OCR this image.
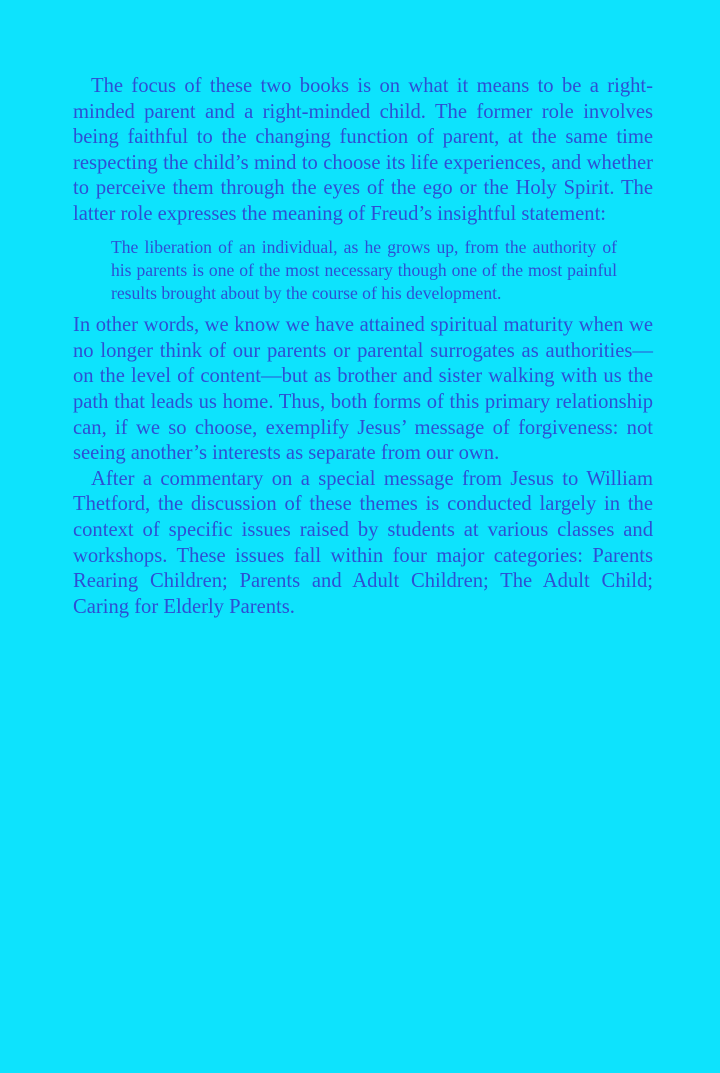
The focus of these two books is on what it means to be a right-minded parent and a right-minded child. The former role involves being faithful to the changing function of parent, at the same time respecting the child’s mind to choose its life experiences, and whether to perceive them through the eyes of the ego or the Holy Spirit. The latter role expresses the meaning of Freud’s insightful statement:

The liberation of an individual, as he grows up, from the authority of his parents is one of the most necessary though one of the most painful results brought about by the course of his development.

In other words, we know we have attained spiritual maturity when we no longer think of our parents or parental surrogates as authorities—on the level of content—but as brother and sister walking with us the path that leads us home. Thus, both forms of this primary relationship can, if we so choose, exemplify Jesus’ message of forgiveness: not seeing another’s interests as separate from our own.

After a commentary on a special message from Jesus to William Thetford, the discussion of these themes is conducted largely in the context of specific issues raised by students at various classes and workshops. These issues fall within four major categories: Parents Rearing Children; Parents and Adult Children; The Adult Child; Caring for Elderly Parents.
